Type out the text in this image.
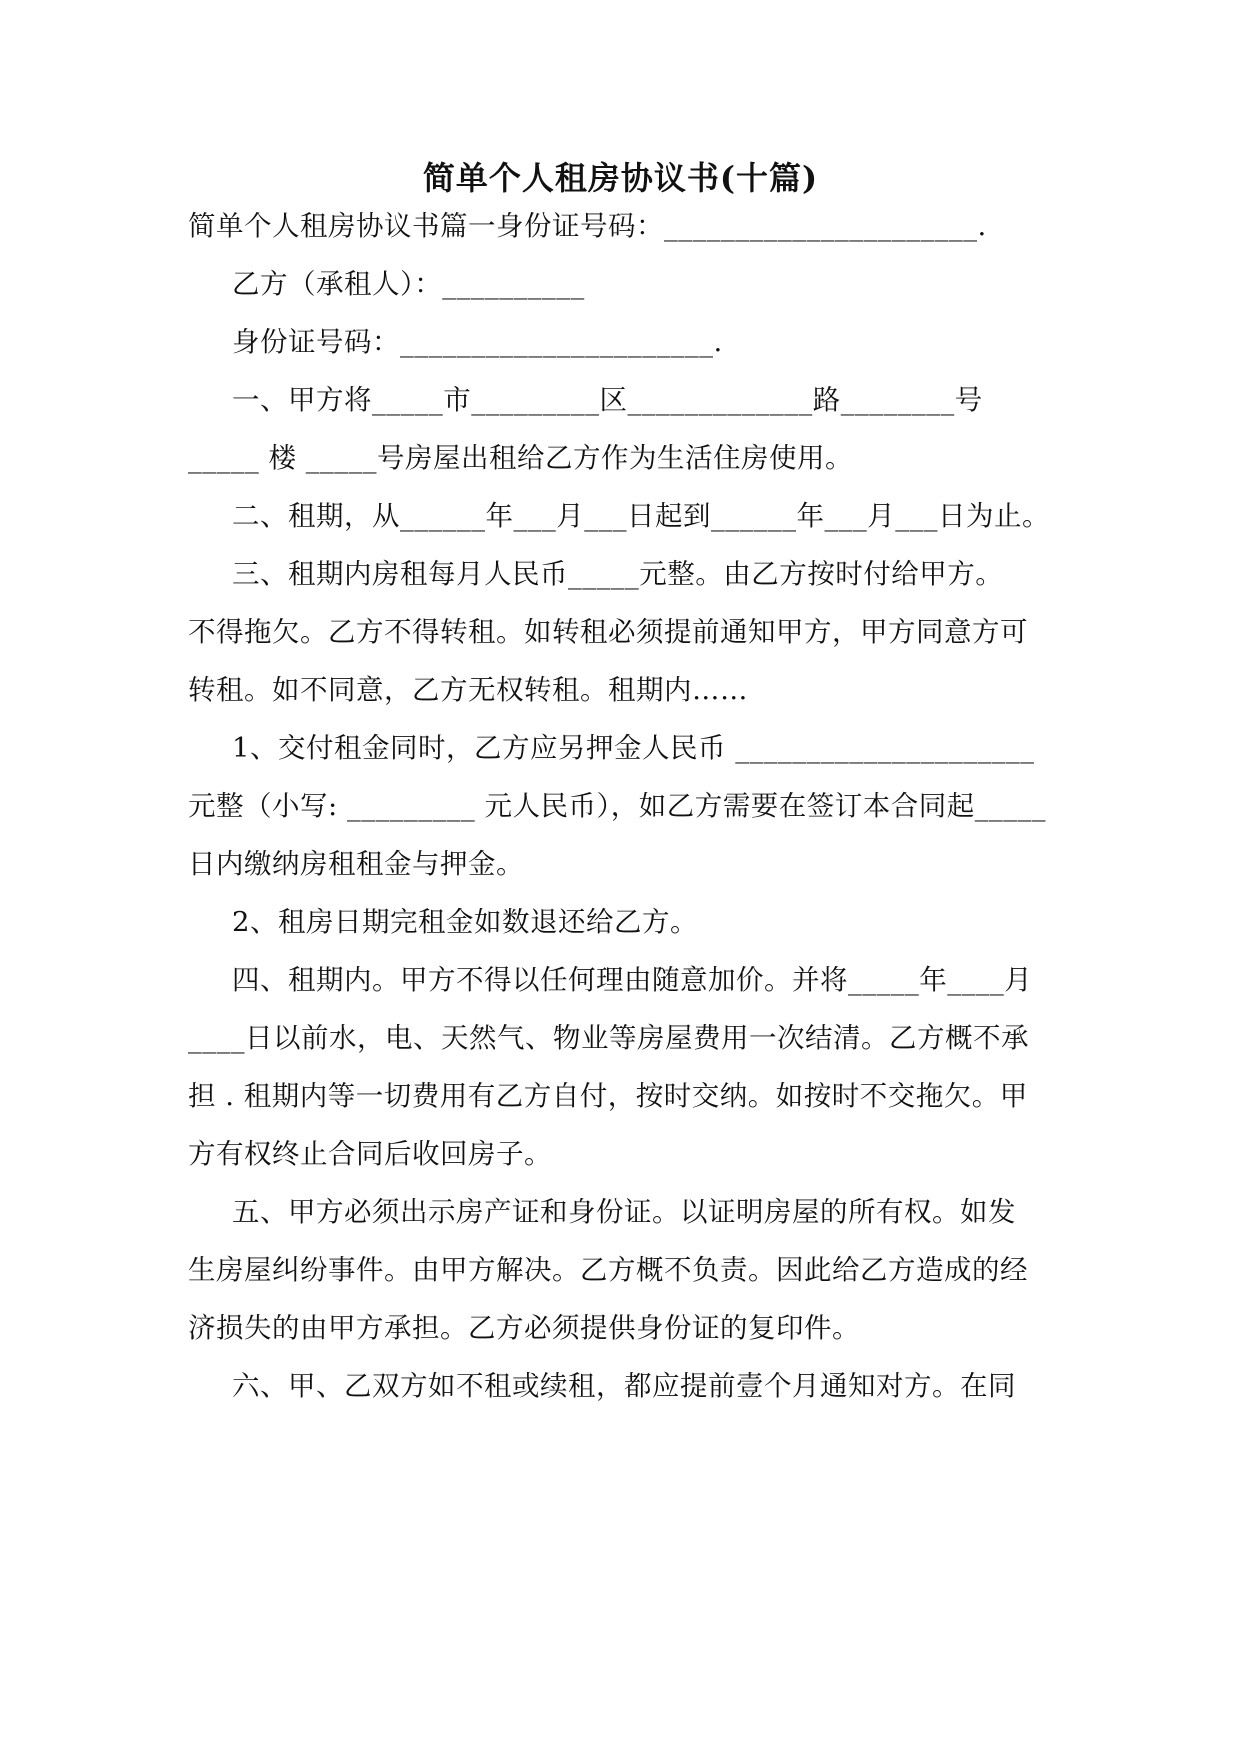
简单个人租房协议书(十篇)
简单个人租房协议书篇一身份证号码：______________________.
乙方（承租人）：__________
身份证号码：______________________.
一、甲方将_____市_________区_____________路________号
_____ 楼 _____号房屋出租给乙方作为生活住房使用。
二、租期，从______年___月___日起到______年___月___日为止。
三、租期内房租每月人民币_____元整。由乙方按时付给甲方。
不得拖欠。乙方不得转租。如转租必须提前通知甲方，甲方同意方可
转租。如不同意，乙方无权转租。租期内……
1、交付租金同时，乙方应另押金人民币 _____________________
元整（小写: _________ 元人民币），如乙方需要在签订本合同起_____
日内缴纳房租租金与押金。
2、租房日期完租金如数退还给乙方。
四、租期内。甲方不得以任何理由随意加价。并将_____年____月
____日以前水，电、天然气、物业等房屋费用一次结清。乙方概不承
担 . 租期内等一切费用有乙方自付，按时交纳。如按时不交拖欠。甲
方有权终止合同后收回房子。
五、甲方必须出示房产证和身份证。以证明房屋的所有权。如发
生房屋纠纷事件。由甲方解决。乙方概不负责。因此给乙方造成的经
济损失的由甲方承担。乙方必须提供身份证的复印件。
六、甲、乙双方如不租或续租，都应提前壹个月通知对方。在同
